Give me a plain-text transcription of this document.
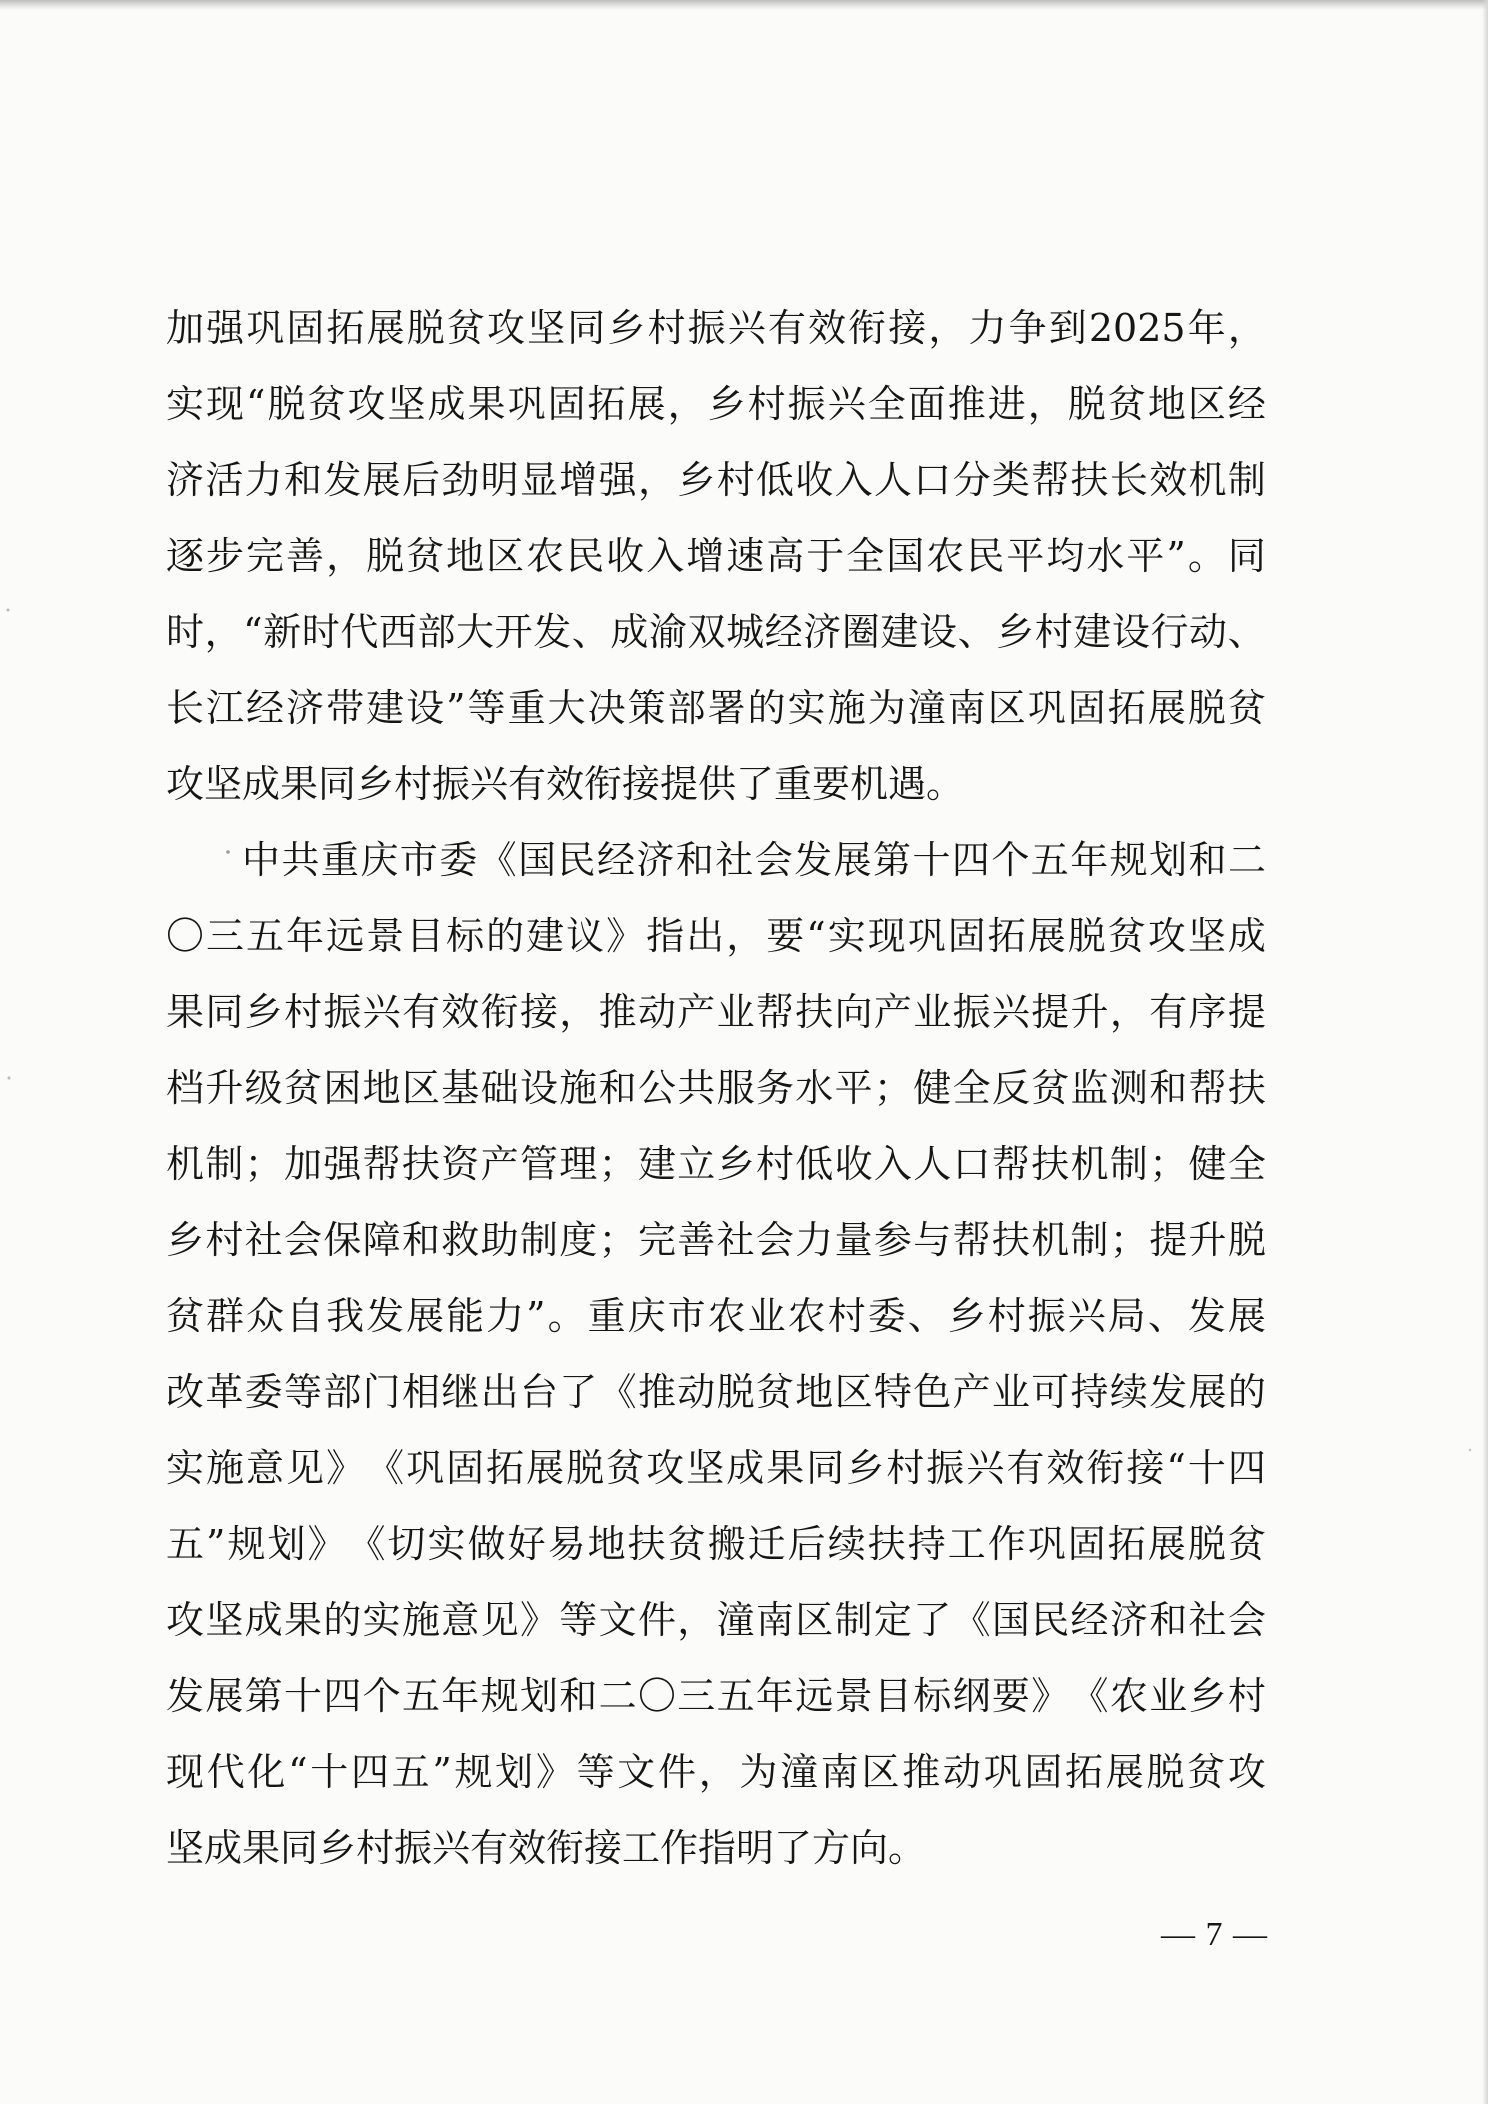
加 强 巩 固 拓 展 脱 贫 攻 坚 同 乡 村 振 兴 有 效 衔 接 ， 力 争 到 2025 年 ，
实 现 “ 脱 贫 攻 坚 成 果 巩 固 拓 展 ， 乡 村 振 兴 全 面 推 进 ， 脱 贫 地 区 经
济 活 力 和 发 展 后 劲 明 显 增 强 ， 乡 村 低 收 入 人 口 分 类 帮 扶 长 效 机 制
逐 步 完 善 ， 脱 贫 地 区 农 民 收 入 增 速 高 于 全 国 农 民 平 均 水 平 ” 。 同
时 ， “ 新 时 代 西 部 大 开 发 、 成 渝 双 城 经 济 圈 建 设 、 乡 村 建 设 行 动 、
长 江 经 济 带 建 设 ” 等 重 大 决 策 部 署 的 实 施 为 潼 南 区 巩 固 拓 展 脱 贫
攻坚成果同乡村振兴有效衔接提供了重要机遇。
中 共 重 庆 市 委 《 国 民 经 济 和 社 会 发 展 第 十 四 个 五 年 规 划 和 二
〇 三 五 年 远 景 目 标 的 建 议 》 指 出 ， 要 “ 实 现 巩 固 拓 展 脱 贫 攻 坚 成
果 同 乡 村 振 兴 有 效 衔 接 ， 推 动 产 业 帮 扶 向 产 业 振 兴 提 升 ， 有 序 提
档 升 级 贫 困 地 区 基 础 设 施 和 公 共 服 务 水 平 ； 健 全 反 贫 监 测 和 帮 扶
机 制 ； 加 强 帮 扶 资 产 管 理 ； 建 立 乡 村 低 收 入 人 口 帮 扶 机 制 ； 健 全
乡 村 社 会 保 障 和 救 助 制 度 ； 完 善 社 会 力 量 参 与 帮 扶 机 制 ； 提 升 脱
贫 群 众 自 我 发 展 能 力 ” 。 重 庆 市 农 业 农 村 委 、 乡 村 振 兴 局 、 发 展
改 革 委 等 部 门 相 继 出 台 了 《 推 动 脱 贫 地 区 特 色 产 业 可 持 续 发 展 的
实 施 意 见 》 《 巩 固 拓 展 脱 贫 攻 坚 成 果 同 乡 村 振 兴 有 效 衔 接 “ 十 四
五 ” 规 划 》 《 切 实 做 好 易 地 扶 贫 搬 迁 后 续 扶 持 工 作 巩 固 拓 展 脱 贫
攻 坚 成 果 的 实 施 意 见 》 等 文 件 ， 潼 南 区 制 定 了 《 国 民 经 济 和 社 会
发 展 第 十 四 个 五 年 规 划 和 二 〇 三 五 年 远 景 目 标 纲 要 》 《 农 业 乡 村
现 代 化 “ 十 四 五 ” 规 划 》 等 文 件 ， 为 潼 南 区 推 动 巩 固 拓 展 脱 贫 攻
坚成果同乡村振兴有效衔接工作指明了方向。
— 7 —
